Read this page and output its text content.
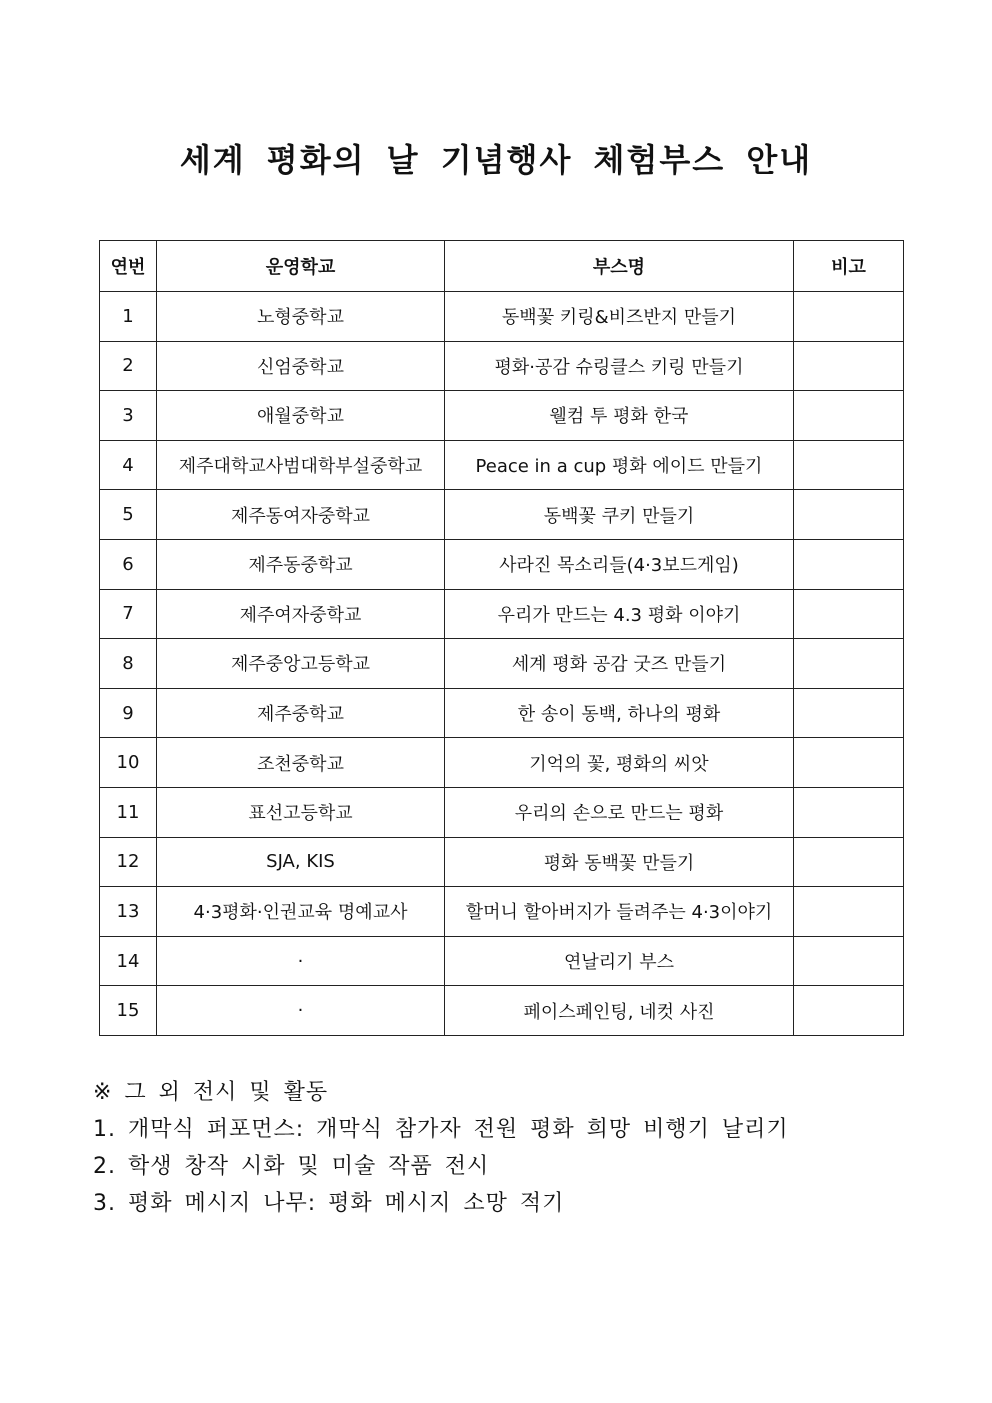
세계 평화의 날 기념행사 체험부스 안내
연번	운영학교	부스명	비고
1	노형중학교	동백꽃 키링&비즈반지 만들기	
2	신엄중학교	평화·공감 슈링클스 키링 만들기	
3	애월중학교	웰컴 투 평화 한국	
4	제주대학교사범대학부설중학교	Peace in a cup 평화 에이드 만들기	
5	제주동여자중학교	동백꽃 쿠키 만들기	
6	제주동중학교	사라진 목소리들(4·3보드게임)	
7	제주여자중학교	우리가 만드는 4.3 평화 이야기	
8	제주중앙고등학교	세계 평화 공감 굿즈 만들기	
9	제주중학교	한 송이 동백, 하나의 평화	
10	조천중학교	기억의 꽃, 평화의 씨앗	
11	표선고등학교	우리의 손으로 만드는 평화	
12	SJA, KIS	평화 동백꽃 만들기	
13	4·3평화·인권교육 명예교사	할머니 할아버지가 들려주는 4·3이야기	
14	·	연날리기 부스	
15	·	페이스페인팅, 네컷 사진	
※ 그 외 전시 및 활동
1. 개막식 퍼포먼스: 개막식 참가자 전원 평화 희망 비행기 날리기
2. 학생 창작 시화 및 미술 작품 전시
3. 평화 메시지 나무: 평화 메시지 소망 적기
